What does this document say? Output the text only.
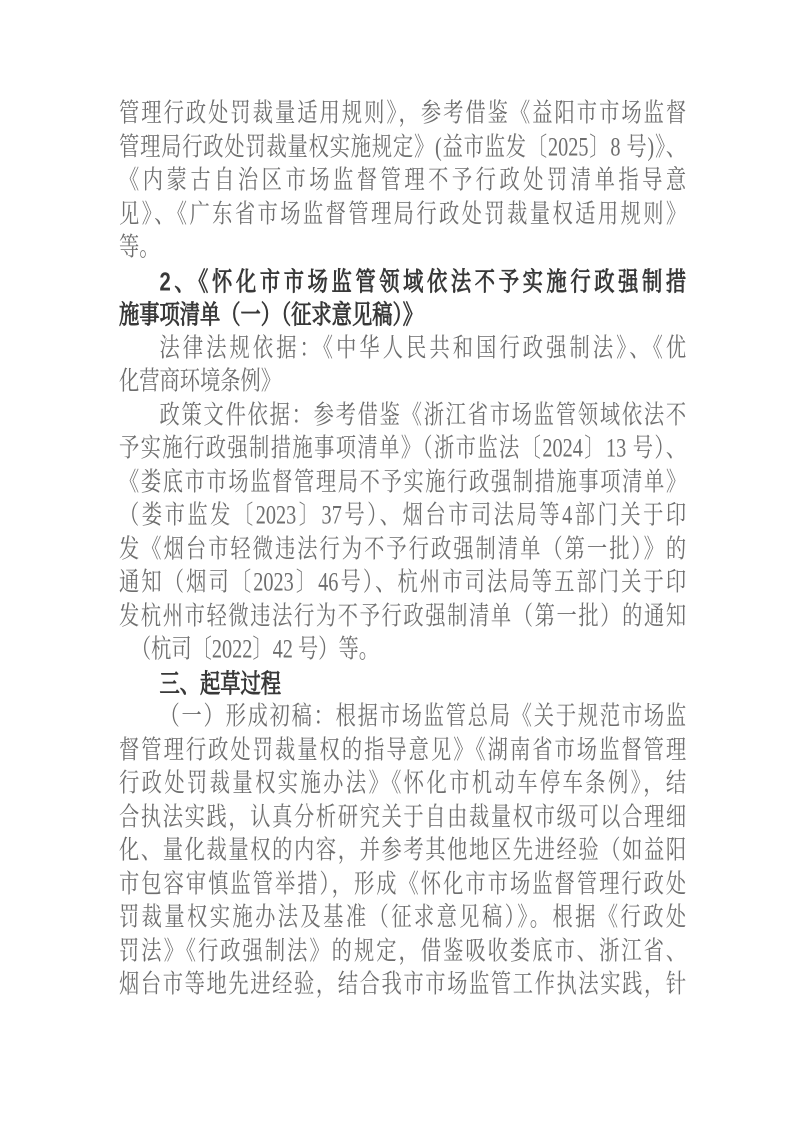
管理行政处罚裁量适用规则》，参考借鉴《益阳市市场监督
管理局行政处罚裁量权实施规定》(益市监发〔2025〕8 号)》、
《内蒙古自治区市场监督管理不予行政处罚清单指导意
见》、《广东省市场监督管理局行政处罚裁量权适用规则》
等。
2、《怀化市市场监管领域依法不予实施行政强制措
施事项清单（一）（征求意见稿）》
法律法规依据：《中华人民共和国行政强制法》、《优
化营商环境条例》
政策文件依据：参考借鉴《浙江省市场监管领域依法不
予实施行政强制措施事项清单》（浙市监法〔2024〕13 号）、
《娄底市市场监督管理局不予实施行政强制措施事项清单》
（娄市监发〔2023〕37号）、烟台市司法局等4部门关于印
发《烟台市轻微违法行为不予行政强制清单（第一批）》的
通知（烟司〔2023〕46号）、杭州市司法局等五部门关于印
发杭州市轻微违法行为不予行政强制清单（第一批）的通知
（杭司〔2022〕42 号）等。
三、起草过程
（一）形成初稿：根据市场监管总局《关于规范市场监
督管理行政处罚裁量权的指导意见》《湖南省市场监督管理
行政处罚裁量权实施办法》《怀化市机动车停车条例》，结
合执法实践，认真分析研究关于自由裁量权市级可以合理细
化、量化裁量权的内容，并参考其他地区先进经验（如益阳
市包容审慎监管举措），形成《怀化市市场监督管理行政处
罚裁量权实施办法及基准（征求意见稿）》。根据《行政处
罚法》《行政强制法》的规定，借鉴吸收娄底市、浙江省、
烟台市等地先进经验，结合我市市场监管工作执法实践，针
